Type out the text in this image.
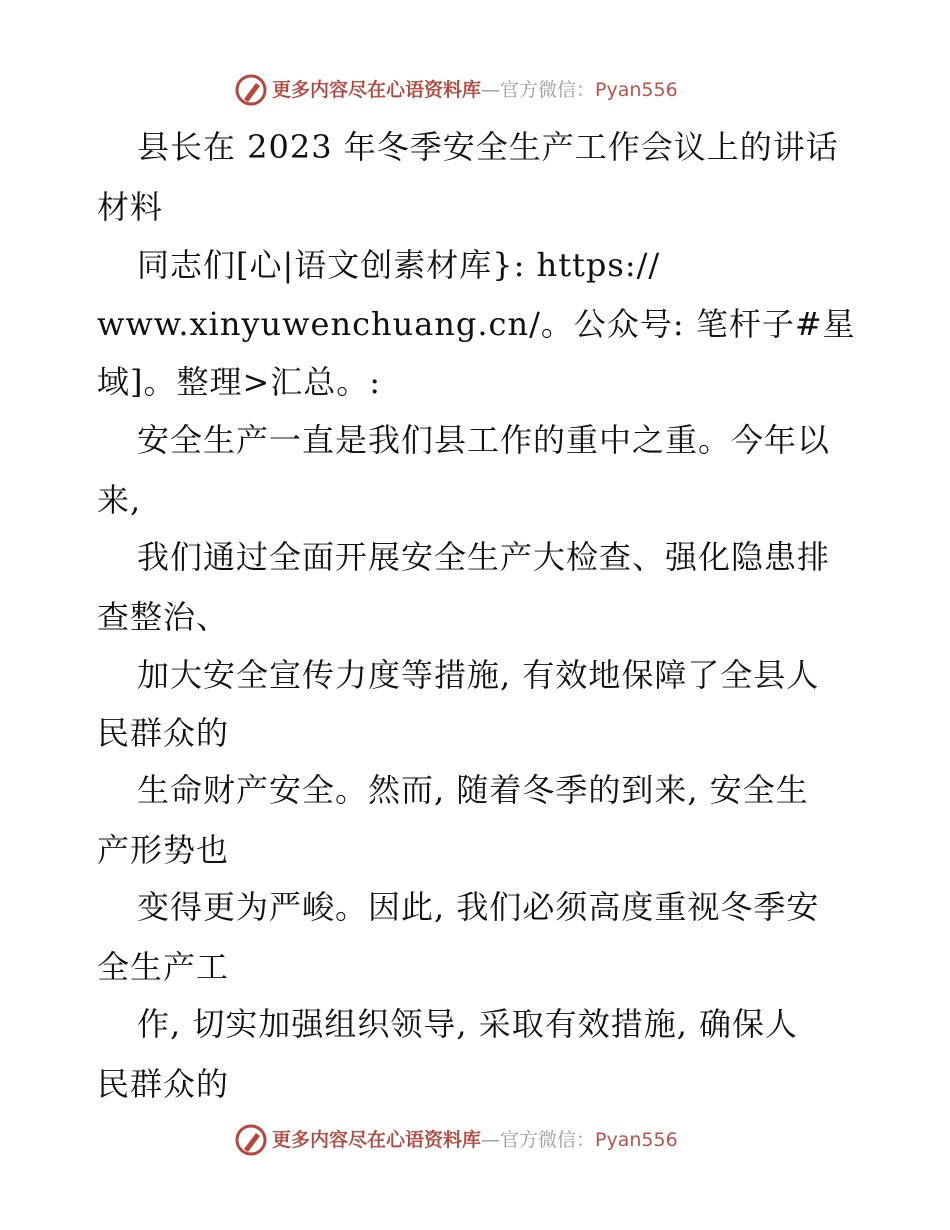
更多内容尽在心语资料库—官方微信：Pyan556
县长在 2023 年冬季安全生产工作会议上的讲话
材料
同志们[心|语文创素材库}: https://
www.xinyuwenchuang.cn/。公众号: 笔杆子#星
域]。整理>汇总。:
安全生产一直是我们县工作的重中之重。今年以
来,
我们通过全面开展安全生产大检查、强化隐患排
查整治、
加大安全宣传力度等措施, 有效地保障了全县人
民群众的
生命财产安全。然而, 随着冬季的到来, 安全生
产形势也
变得更为严峻。因此, 我们必须高度重视冬季安
全生产工
作, 切实加强组织领导, 采取有效措施, 确保人
民群众的
更多内容尽在心语资料库—官方微信：Pyan556
